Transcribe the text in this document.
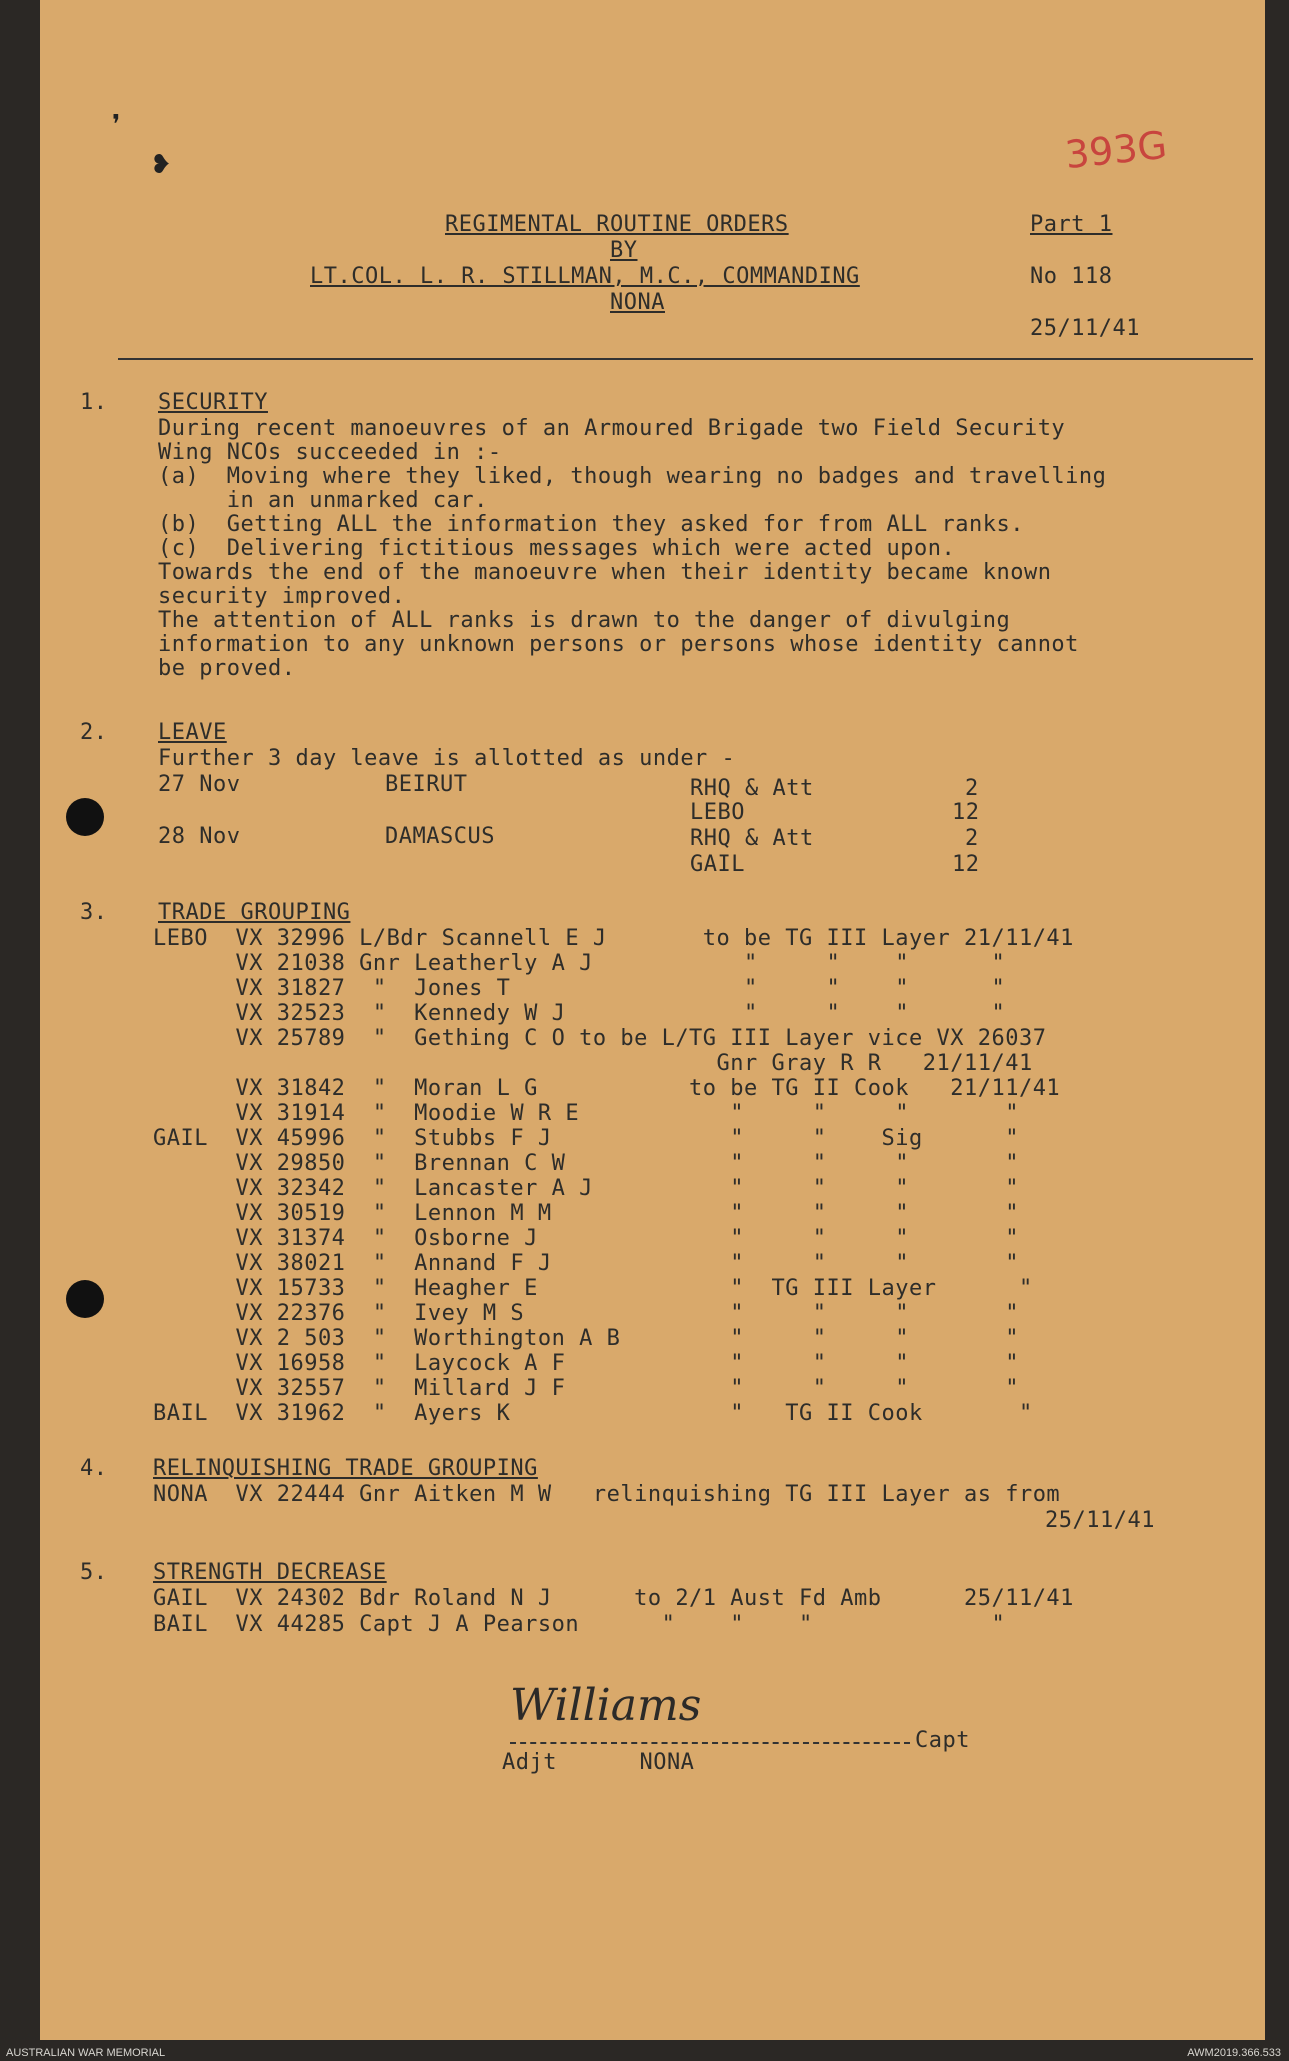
❜
❥	393G
REGIMENTAL ROUTINE ORDERS
BY
LT.COL. L. R. STILLMAN, M.C., COMMANDING
NONA
Part 1
No 118
25/11/41
1. SECURITY
During recent manoeuvres of an Armoured Brigade two Field Security
Wing NCOs succeeded in :-
(a)  Moving where they liked, though wearing no badges and travelling
in an unmarked car.
(b)  Getting ALL the information they asked for from ALL ranks.
(c)  Delivering fictitious messages which were acted upon.
Towards the end of the manoeuvre when their identity became known
security improved.
The attention of ALL ranks is drawn to the danger of divulging
information to any unknown persons or persons whose identity cannot
be proved.
2. LEAVE
Further 3 day leave is allotted as under -
27 Nov	BEIRUT	RHQ & Att	2
LEBO	12
28 Nov	DAMASCUS	RHQ & Att	2
GAIL	12
3. TRADE GROUPING
LEBO  VX 32996 L/Bdr Scannell E J       to be TG III Layer 21/11/41
VX 21038 Gnr Leatherly A J           "     "    "      "
VX 31827  "  Jones T                 "     "    "      "
VX 32523  "  Kennedy W J             "     "    "      "
VX 25789  "  Gething C O to be L/TG III Layer vice VX 26037
Gnr Gray R R   21/11/41
VX 31842  "  Moran L G           to be TG II Cook   21/11/41
VX 31914  "  Moodie W R E           "     "     "       "
GAIL  VX 45996  "  Stubbs F J             "     "    Sig      "
VX 29850  "  Brennan C W            "     "     "       "
VX 32342  "  Lancaster A J          "     "     "       "
VX 30519  "  Lennon M M             "     "     "       "
VX 31374  "  Osborne J              "     "     "       "
VX 38021  "  Annand F J             "     "     "       "
VX 15733  "  Heagher E              "  TG III Layer      "
VX 22376  "  Ivey M S               "     "     "       "
VX 2 503  "  Worthington A B        "     "     "       "
VX 16958  "  Laycock A F            "     "     "       "
VX 32557  "  Millard J F            "     "     "       "
BAIL  VX 31962  "  Ayers K                "   TG II Cook       "
4. RELINQUISHING TRADE GROUPING
NONA  VX 22444 Gnr Aitken M W   relinquishing TG III Layer as from
25/11/41
5. STRENGTH DECREASE
GAIL  VX 24302 Bdr Roland N J      to 2/1 Aust Fd Amb      25/11/41
BAIL  VX 44285 Capt J A Pearson      "    "    "             "
Williams
Capt
Adjt      NONA
AUSTRALIAN WAR MEMORIAL	AWM2019.366.533
